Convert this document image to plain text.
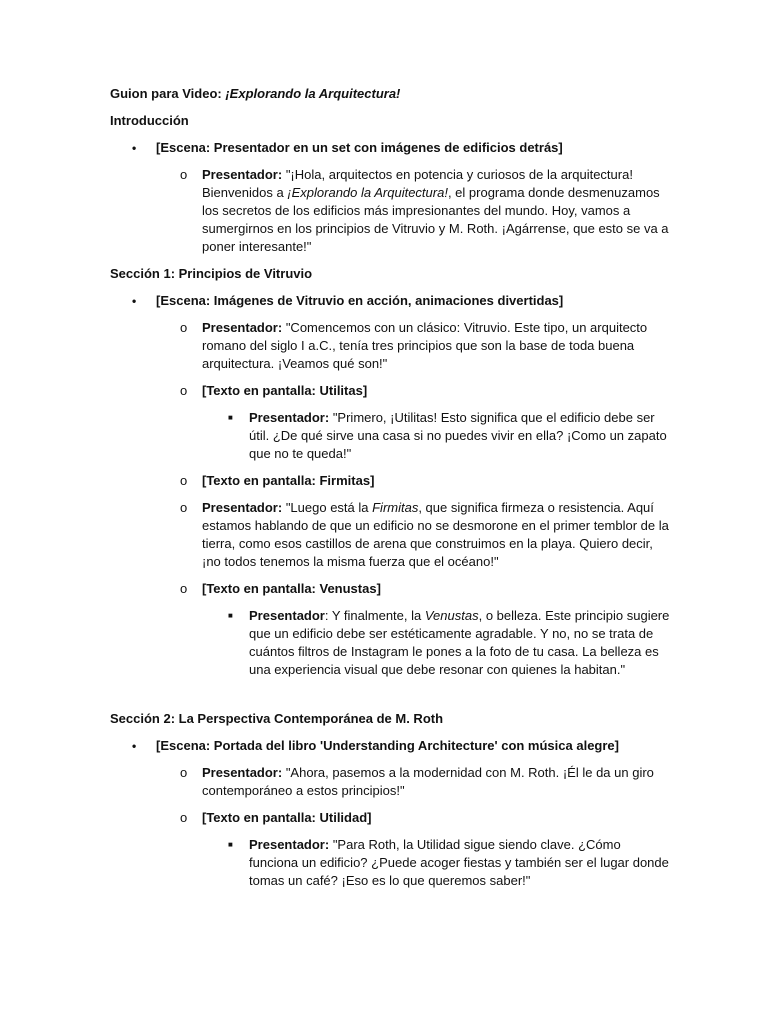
Guion para Video: ¡Explorando la Arquitectura!

Introducción

• [Escena: Presentador en un set con imágenes de edificios detrás]
o Presentador: "¡Hola, arquitectos en potencia y curiosos de la arquitectura! Bienvenidos a ¡Explorando la Arquitectura!, el programa donde desmenuzamos los secretos de los edificios más impresionantes del mundo. Hoy, vamos a sumergirnos en los principios de Vitruvio y M. Roth. ¡Agárrense, que esto se va a poner interesante!"

Sección 1: Principios de Vitruvio

• [Escena: Imágenes de Vitruvio en acción, animaciones divertidas]
o Presentador: "Comencemos con un clásico: Vitruvio. Este tipo, un arquitecto romano del siglo I a.C., tenía tres principios que son la base de toda buena arquitectura. ¡Veamos qué son!"
o [Texto en pantalla: Utilitas]
■ Presentador: "Primero, ¡Utilitas! Esto significa que el edificio debe ser útil. ¿De qué sirve una casa si no puedes vivir en ella? ¡Como un zapato que no te queda!"
o [Texto en pantalla: Firmitas]
o Presentador: "Luego está la Firmitas, que significa firmeza o resistencia. Aquí estamos hablando de que un edificio no se desmorone en el primer temblor de la tierra, como esos castillos de arena que construimos en la playa. Quiero decir, ¡no todos tenemos la misma fuerza que el océano!"
o [Texto en pantalla: Venustas]
■ Presentador: Y finalmente, la Venustas, o belleza. Este principio sugiere que un edificio debe ser estéticamente agradable. Y no, no se trata de cuántos filtros de Instagram le pones a la foto de tu casa. La belleza es una experiencia visual que debe resonar con quienes la habitan."

Sección 2: La Perspectiva Contemporánea de M. Roth

• [Escena: Portada del libro 'Understanding Architecture' con música alegre]
o Presentador: "Ahora, pasemos a la modernidad con M. Roth. ¡Él le da un giro contemporáneo a estos principios!"
o [Texto en pantalla: Utilidad]
■ Presentador: "Para Roth, la Utilidad sigue siendo clave. ¿Cómo funciona un edificio? ¿Puede acoger fiestas y también ser el lugar donde tomas un café? ¡Eso es lo que queremos saber!"
